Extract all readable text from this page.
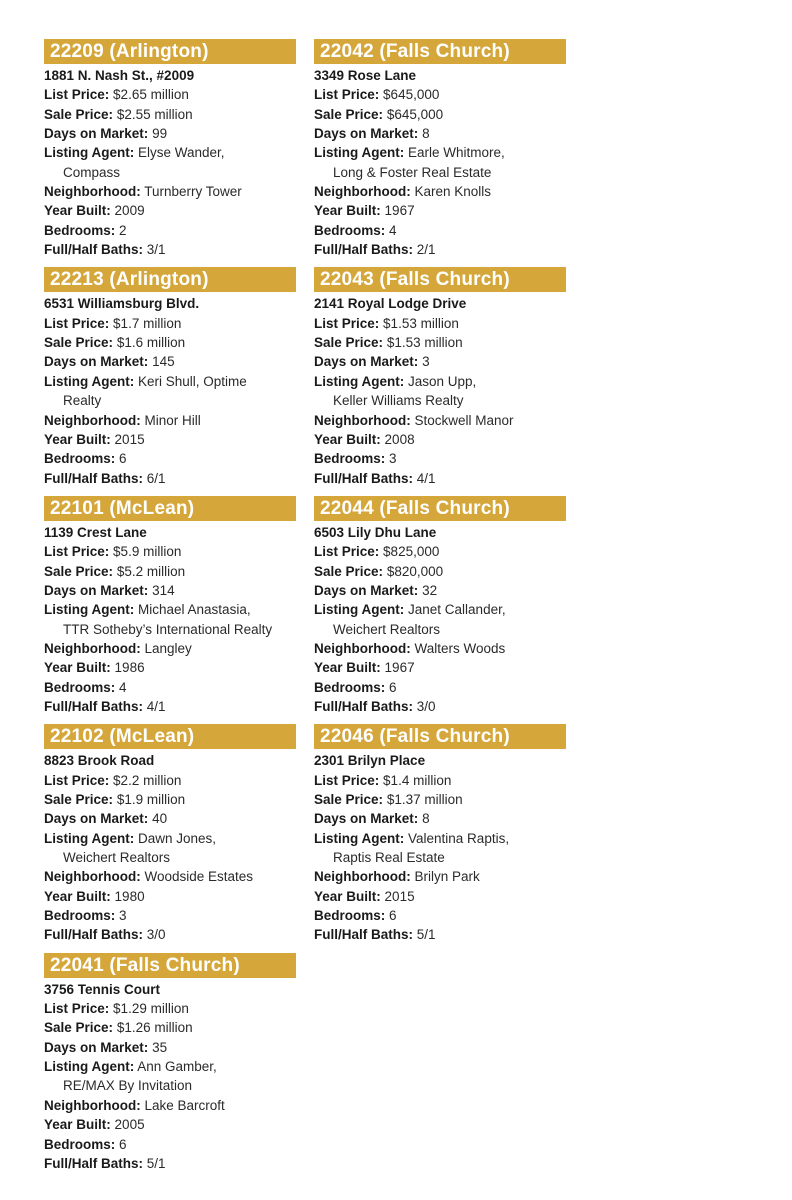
22209 (Arlington)
1881 N. Nash St., #2009
List Price: $2.65 million
Sale Price: $2.55 million
Days on Market: 99
Listing Agent: Elyse Wander,
Compass
Neighborhood: Turnberry Tower
Year Built: 2009
Bedrooms: 2
Full/Half Baths: 3/1
22213 (Arlington)
6531 Williamsburg Blvd.
List Price: $1.7 million
Sale Price: $1.6 million
Days on Market: 145
Listing Agent: Keri Shull, Optime
Realty
Neighborhood: Minor Hill
Year Built: 2015
Bedrooms: 6
Full/Half Baths: 6/1
22101 (McLean)
1139 Crest Lane
List Price: $5.9 million
Sale Price: $5.2 million
Days on Market: 314
Listing Agent: Michael Anastasia,
TTR Sotheby’s International Realty
Neighborhood: Langley
Year Built: 1986
Bedrooms: 4
Full/Half Baths: 4/1
22102 (McLean)
8823 Brook Road
List Price: $2.2 million
Sale Price: $1.9 million
Days on Market: 40
Listing Agent: Dawn Jones,
Weichert Realtors
Neighborhood: Woodside Estates
Year Built: 1980
Bedrooms: 3
Full/Half Baths: 3/0
22041 (Falls Church)
3756 Tennis Court
List Price: $1.29 million
Sale Price: $1.26 million
Days on Market: 35
Listing Agent: Ann Gamber,
RE/MAX By Invitation
Neighborhood: Lake Barcroft
Year Built: 2005
Bedrooms: 6
Full/Half Baths: 5/1
22042 (Falls Church)
3349 Rose Lane
List Price: $645,000
Sale Price: $645,000
Days on Market: 8
Listing Agent: Earle Whitmore,
Long & Foster Real Estate
Neighborhood: Karen Knolls
Year Built: 1967
Bedrooms: 4
Full/Half Baths: 2/1
22043 (Falls Church)
2141 Royal Lodge Drive
List Price: $1.53 million
Sale Price: $1.53 million
Days on Market: 3
Listing Agent: Jason Upp,
Keller Williams Realty
Neighborhood: Stockwell Manor
Year Built: 2008
Bedrooms: 3
Full/Half Baths: 4/1
22044 (Falls Church)
6503 Lily Dhu Lane
List Price: $825,000
Sale Price: $820,000
Days on Market: 32
Listing Agent: Janet Callander,
Weichert Realtors
Neighborhood: Walters Woods
Year Built: 1967
Bedrooms: 6
Full/Half Baths: 3/0
22046 (Falls Church)
2301 Brilyn Place
List Price: $1.4 million
Sale Price: $1.37 million
Days on Market: 8
Listing Agent: Valentina Raptis,
Raptis Real Estate
Neighborhood: Brilyn Park
Year Built: 2015
Bedrooms: 6
Full/Half Baths: 5/1
